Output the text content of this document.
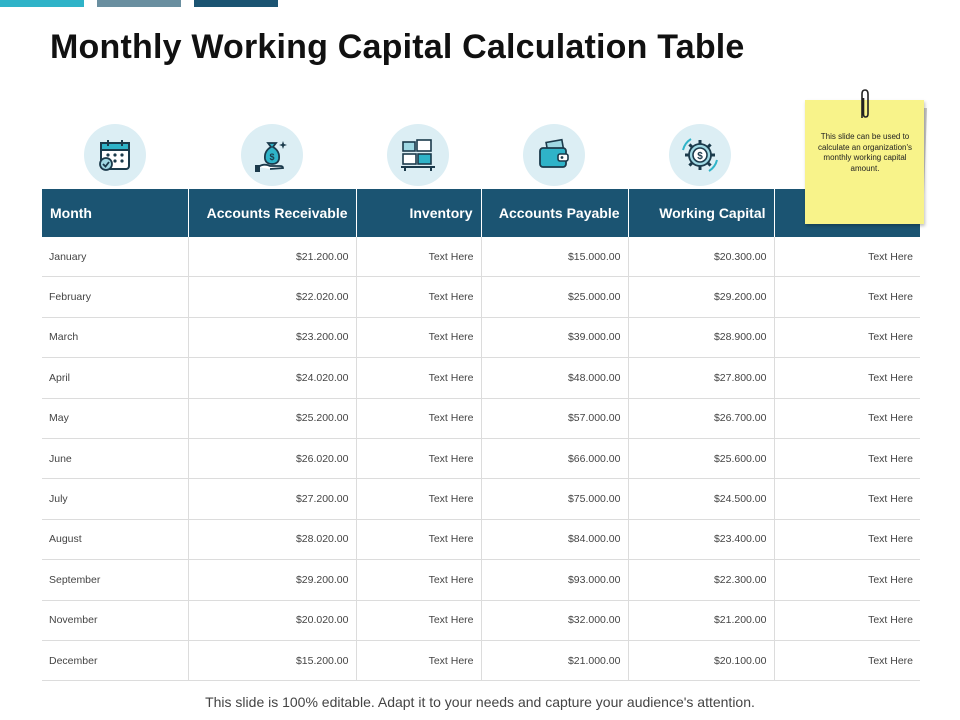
Monthly Working Capital Calculation Table
$	$
Month	Accounts Receivable	Inventory	Accounts Payable	Working Capital	
January	$21.200.00	Text Here	$15.000.00	$20.300.00	Text Here
February	$22.020.00	Text Here	$25.000.00	$29.200.00	Text Here
March	$23.200.00	Text Here	$39.000.00	$28.900.00	Text Here
April	$24.020.00	Text Here	$48.000.00	$27.800.00	Text Here
May	$25.200.00	Text Here	$57.000.00	$26.700.00	Text Here
June	$26.020.00	Text Here	$66.000.00	$25.600.00	Text Here
July	$27.200.00	Text Here	$75.000.00	$24.500.00	Text Here
August	$28.020.00	Text Here	$84.000.00	$23.400.00	Text Here
September	$29.200.00	Text Here	$93.000.00	$22.300.00	Text Here
November	$20.020.00	Text Here	$32.000.00	$21.200.00	Text Here
December	$15.200.00	Text Here	$21.000.00	$20.100.00	Text Here
This slide can be used to calculate an organization's monthly working capital amount.
This slide is 100% editable. Adapt it to your needs and capture your audience's attention.
